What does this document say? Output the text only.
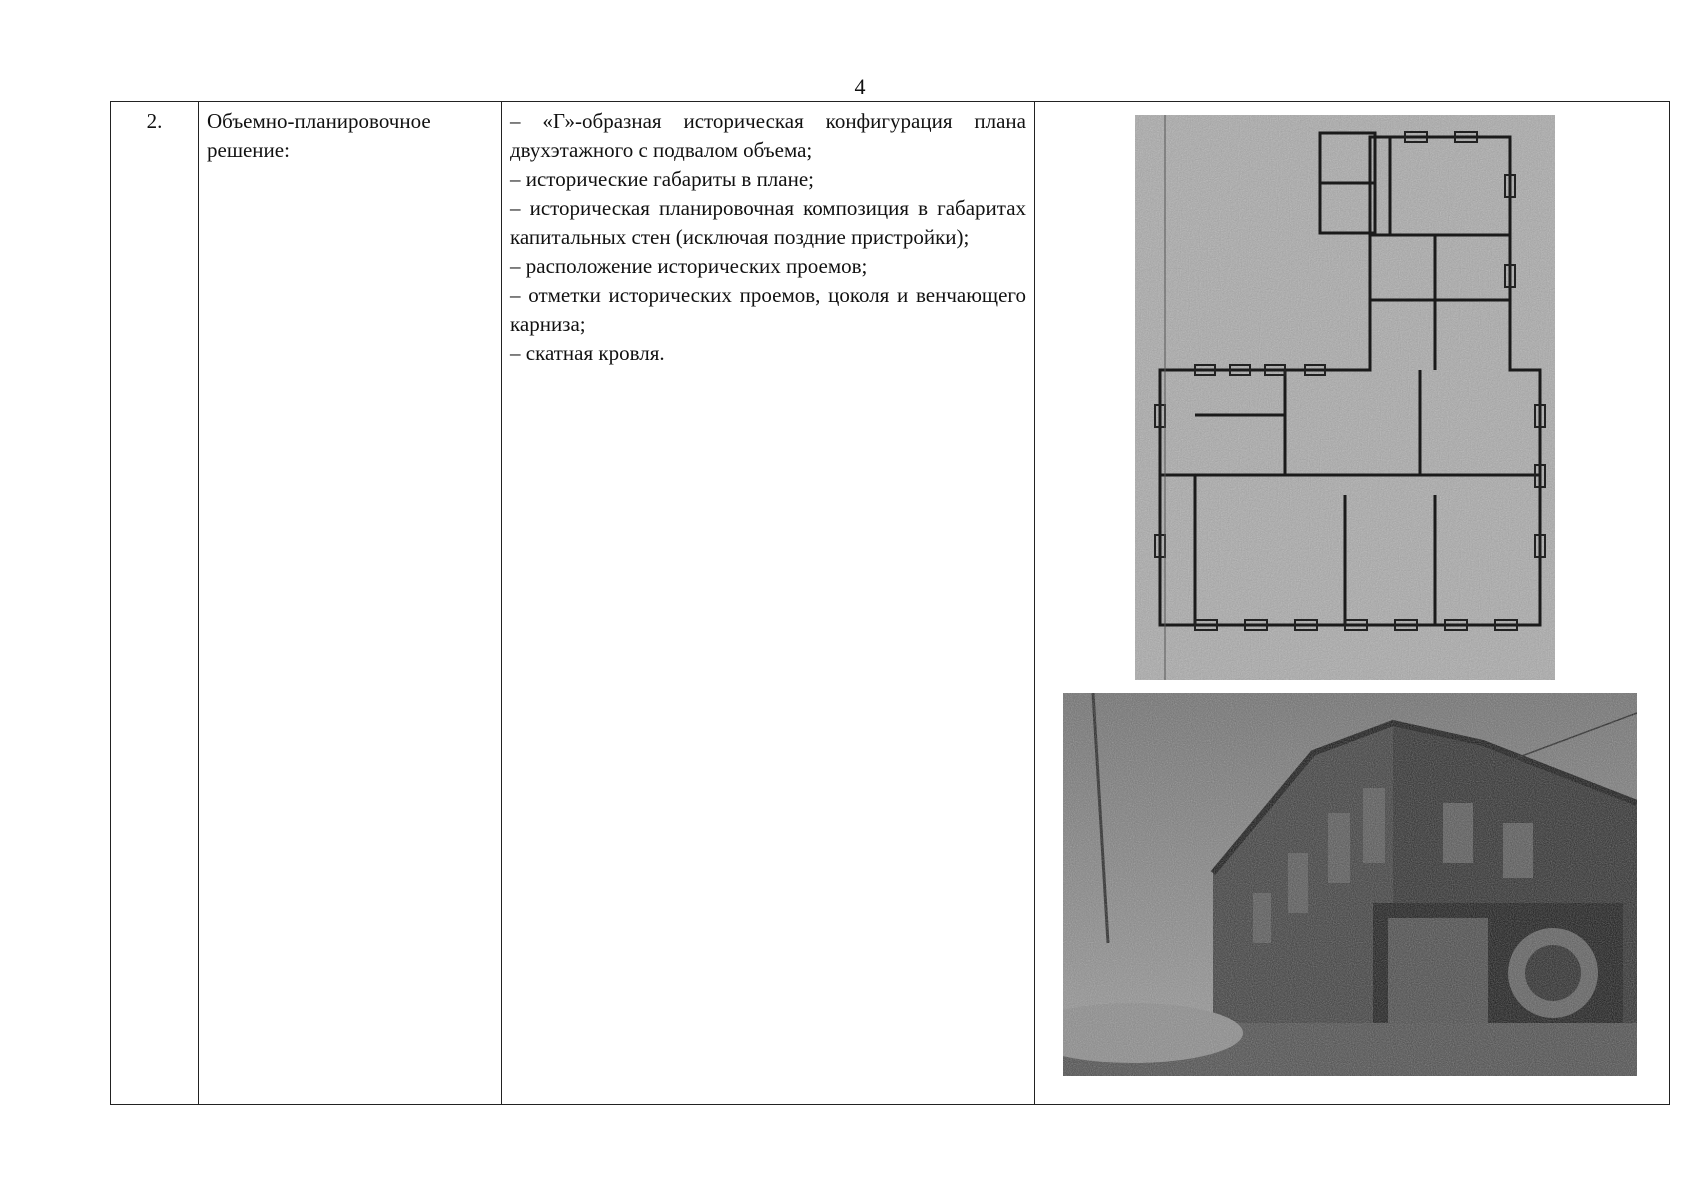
4
2.	Объемно-планировочное решение:
– «Г»-образная историческая конфигурация плана двухэтажного с подвалом объема;
– исторические габариты в плане;
– историческая планировочная композиция в габаритах капитальных стен (исключая поздние пристройки);
– расположение исторических проемов;
– отметки исторических проемов, цоколя и венчающего карниза;
– скатная кровля.
